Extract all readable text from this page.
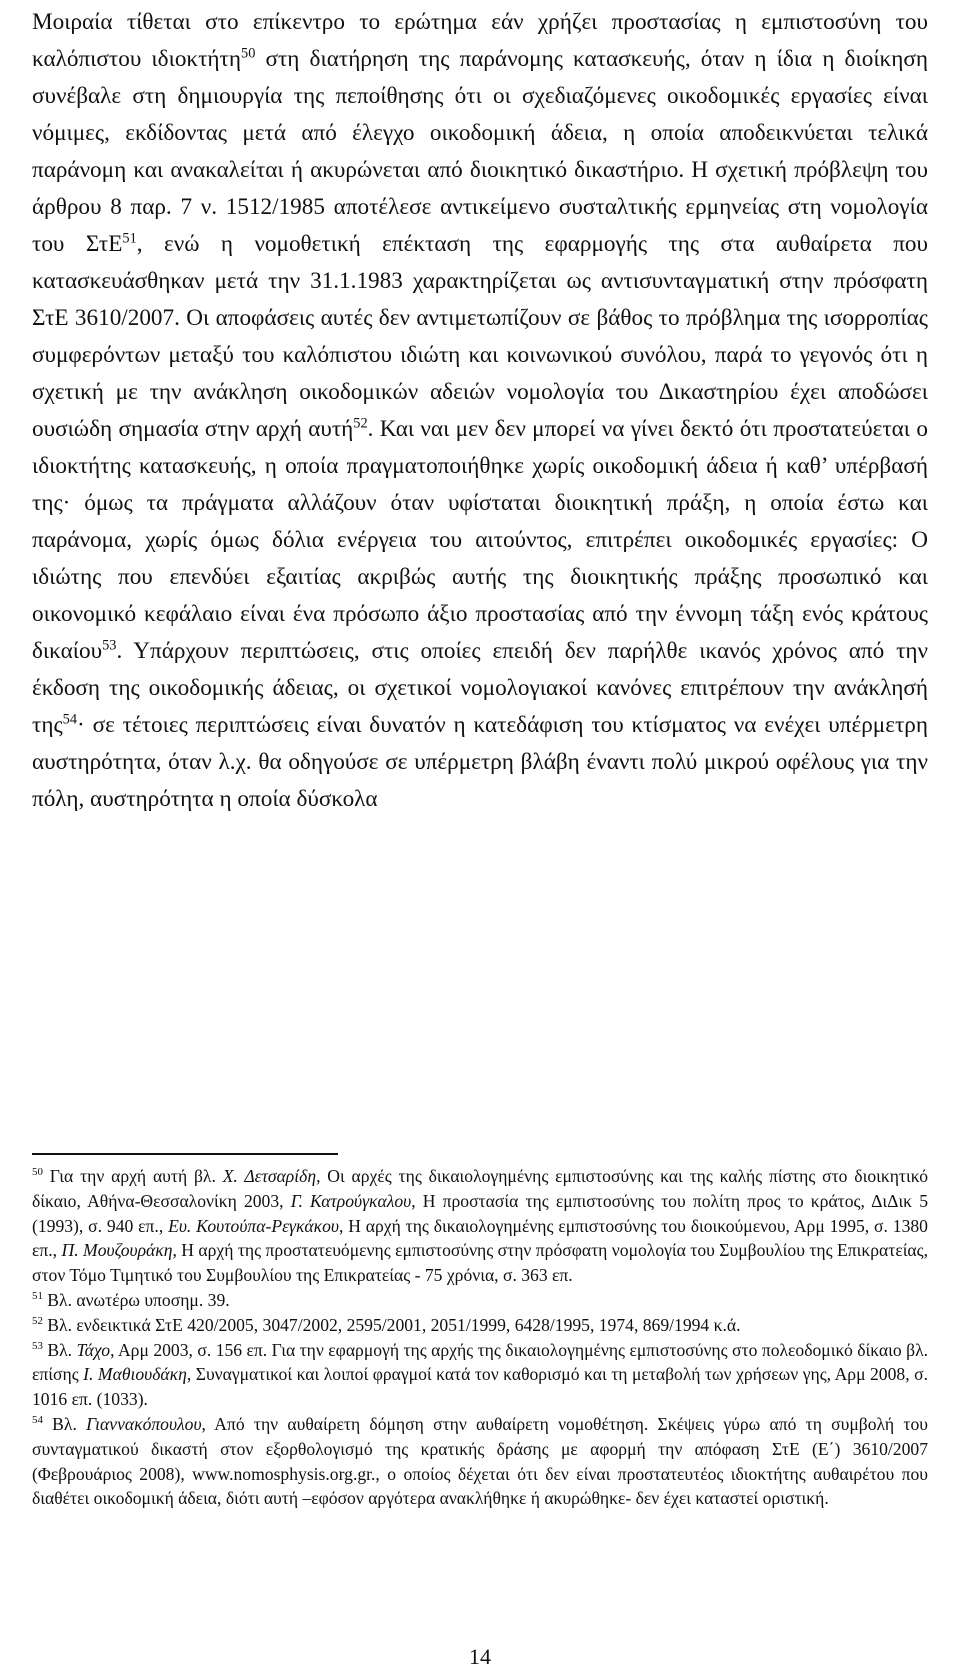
Μοιραία τίθεται στο επίκεντρο το ερώτημα εάν χρήζει προστασίας η εμπιστοσύνη του καλόπιστου ιδιοκτήτη$^{50}$ στη διατήρηση της παράνομης κατασκευής, όταν η ίδια η διοίκηση συνέβαλε στη δημιουργία της πεποίθησης ότι οι σχεδιαζόμενες οικοδομικές εργασίες είναι νόμιμες, εκδίδοντας μετά από έλεγχο οικοδομική άδεια, η οποία αποδεικνύεται τελικά παράνομη και ανακαλείται ή ακυρώνεται από διοικητικό δικαστήριο. Η σχετική πρόβλεψη του άρθρου 8 παρ. 7 ν. 1512/1985 αποτέλεσε αντικείμενο συσταλτικής ερμηνείας στη νομολογία του ΣτΕ$^{51}$, ενώ η νομοθετική επέκταση της εφαρμογής της στα αυθαίρετα που κατασκευάσθηκαν μετά την 31.1.1983 χαρακτηρίζεται ως αντισυνταγματική στην πρόσφατη ΣτΕ 3610/2007. Οι αποφάσεις αυτές δεν αντιμετωπίζουν σε βάθος το πρόβλημα της ισορροπίας συμφερόντων μεταξύ του καλόπιστου ιδιώτη και κοινωνικού συνόλου, παρά το γεγονός ότι η σχετική με την ανάκληση οικοδομικών αδειών νομολογία του Δικαστηρίου έχει αποδώσει ουσιώδη σημασία στην αρχή αυτή$^{52}$. Και ναι μεν δεν μπορεί να γίνει δεκτό ότι προστατεύεται ο ιδιοκτήτης κατασκευής, η οποία πραγματοποιήθηκε χωρίς οικοδομική άδεια ή καθ’ υπέρβασή της· όμως τα πράγματα αλλάζουν όταν υφίσταται διοικητική πράξη, η οποία έστω και παράνομα, χωρίς όμως δόλια ενέργεια του αιτούντος, επιτρέπει οικοδομικές εργασίες: Ο ιδιώτης που επενδύει εξαιτίας ακριβώς αυτής της διοικητικής πράξης προσωπικό και οικονομικό κεφάλαιο είναι ένα πρόσωπο άξιο προστασίας από την έννομη τάξη ενός κράτους δικαίου$^{53}$. Υπάρχουν περιπτώσεις, στις οποίες επειδή δεν παρήλθε ικανός χρόνος από την έκδοση της οικοδομικής άδειας, οι σχετικοί νομολογιακοί κανόνες επιτρέπουν την ανάκλησή της$^{54}$· σε τέτοιες περιπτώσεις είναι δυνατόν η κατεδάφιση του κτίσματος να ενέχει υπέρμετρη αυστηρότητα, όταν λ.χ. θα οδηγούσε σε υπέρμετρη βλάβη έναντι πολύ μικρού οφέλους για την πόλη, αυστηρότητα η οποία δύσκολα

$^{50}$ Για την αρχή αυτή βλ. Χ. Δετσαρίδη, Οι αρχές της δικαιολογημένης εμπιστοσύνης και της καλής πίστης στο διοικητικό δίκαιο, Αθήνα-Θεσσαλονίκη 2003, Γ. Κατρούγκαλου, Η προστασία της εμπιστοσύνης του πολίτη προς το κράτος, ΔιΔικ 5 (1993), σ. 940 επ., Ευ. Κουτούπα-Ρεγκάκου, Η αρχή της δικαιολογημένης εμπιστοσύνης του διοικούμενου, Αρμ 1995, σ. 1380 επ., Π. Μουζουράκη, Η αρχή της προστατευόμενης εμπιστοσύνης στην πρόσφατη νομολογία του Συμβουλίου της Επικρατείας, στον Τόμο Τιμητικό του Συμβουλίου της Επικρατείας - 75 χρόνια, σ. 363 επ.

$^{51}$ Βλ. ανωτέρω υποσημ. 39.

$^{52}$ Βλ. ενδεικτικά ΣτΕ 420/2005, 3047/2002, 2595/2001, 2051/1999, 6428/1995, 1974, 869/1994 κ.ά.

$^{53}$ Βλ. Τάχο, Αρμ 2003, σ. 156 επ. Για την εφαρμογή της αρχής της δικαιολογημένης εμπιστοσύνης στο πολεοδομικό δίκαιο βλ. επίσης Ι. Μαθιουδάκη, Συναγματικοί και λοιποί φραγμοί κατά τον καθορισμό και τη μεταβολή των χρήσεων γης, Αρμ 2008, σ. 1016 επ. (1033).

$^{54}$ Βλ. Γιαννακόπουλου, Από την αυθαίρετη δόμηση στην αυθαίρετη νομοθέτηση. Σκέψεις γύρω από τη συμβολή του συνταγματικού δικαστή στον εξορθολογισμό της κρατικής δράσης με αφορμή την απόφαση ΣτΕ (Ε΄) 3610/2007 (Φεβρουάριος 2008), www.nomosphysis.org.gr., ο οποίος δέχεται ότι δεν είναι προστατευτέος ιδιοκτήτης αυθαιρέτου που διαθέτει οικοδομική άδεια, διότι αυτή –εφόσον αργότερα ανακλήθηκε ή ακυρώθηκε- δεν έχει καταστεί οριστική.

14
